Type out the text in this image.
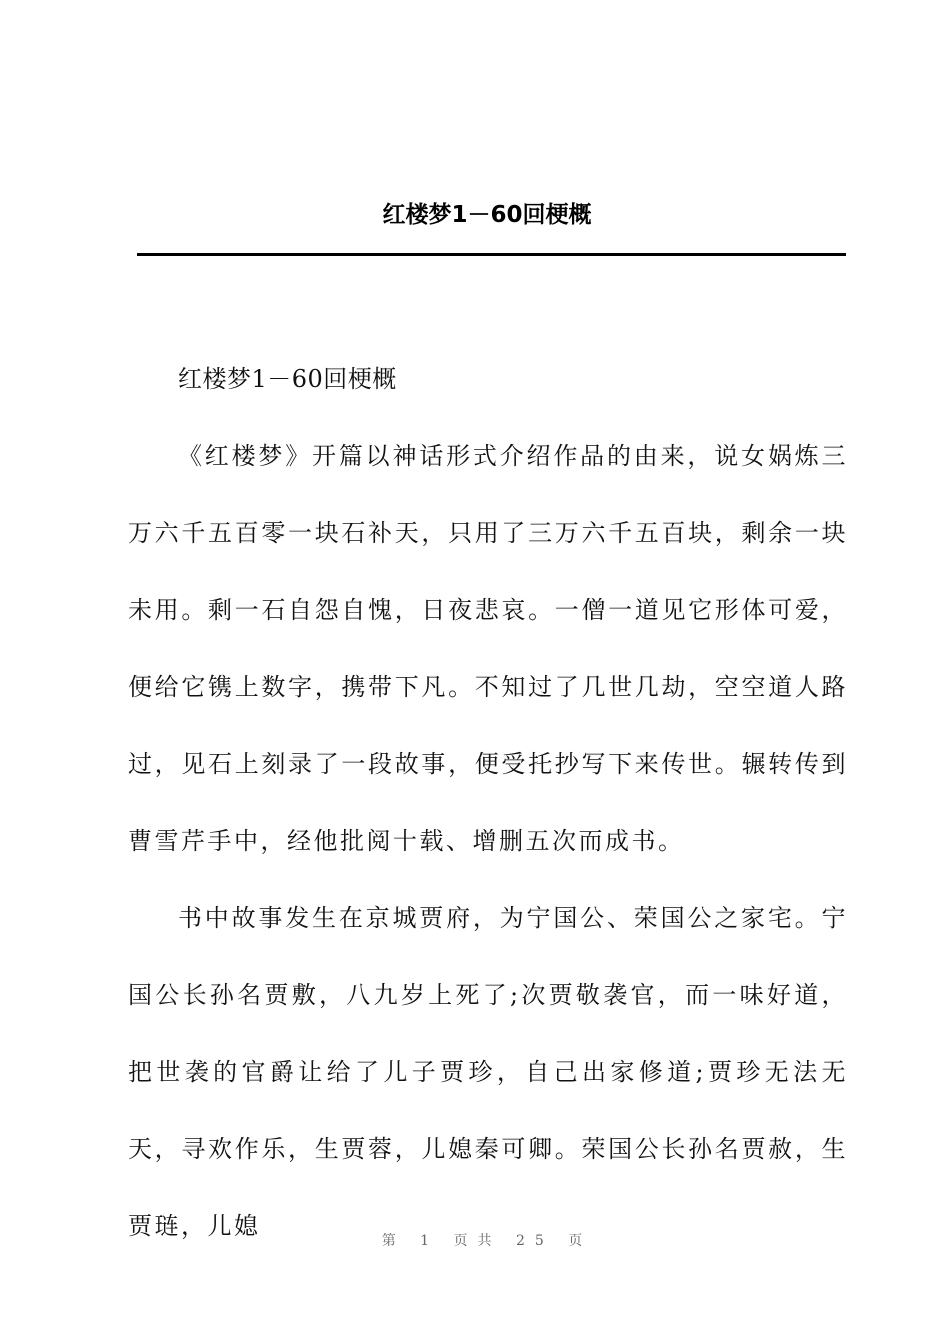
红楼梦1－60回梗概

红楼梦1－60回梗概

《红楼梦》开篇以神话形式介绍作品的由来，说女娲炼三万六千五百零一块石补天，只用了三万六千五百块，剩余一块未用。剩一石自怨自愧，日夜悲哀。一僧一道见它形体可爱，便给它镌上数字，携带下凡。不知过了几世几劫，空空道人路过，见石上刻录了一段故事，便受托抄写下来传世。辗转传到曹雪芹手中，经他批阅十载、增删五次而成书。

书中故事发生在京城贾府，为宁国公、荣国公之家宅。宁国公长孙名贾敷，八九岁上死了;次贾敬袭官，而一味好道，把世袭的官爵让给了儿子贾珍，自己出家修道;贾珍无法无天，寻欢作乐，生贾蓉，儿媳秦可卿。荣国公长孙名贾赦，生贾琏，儿媳

第 1 页共 25 页
